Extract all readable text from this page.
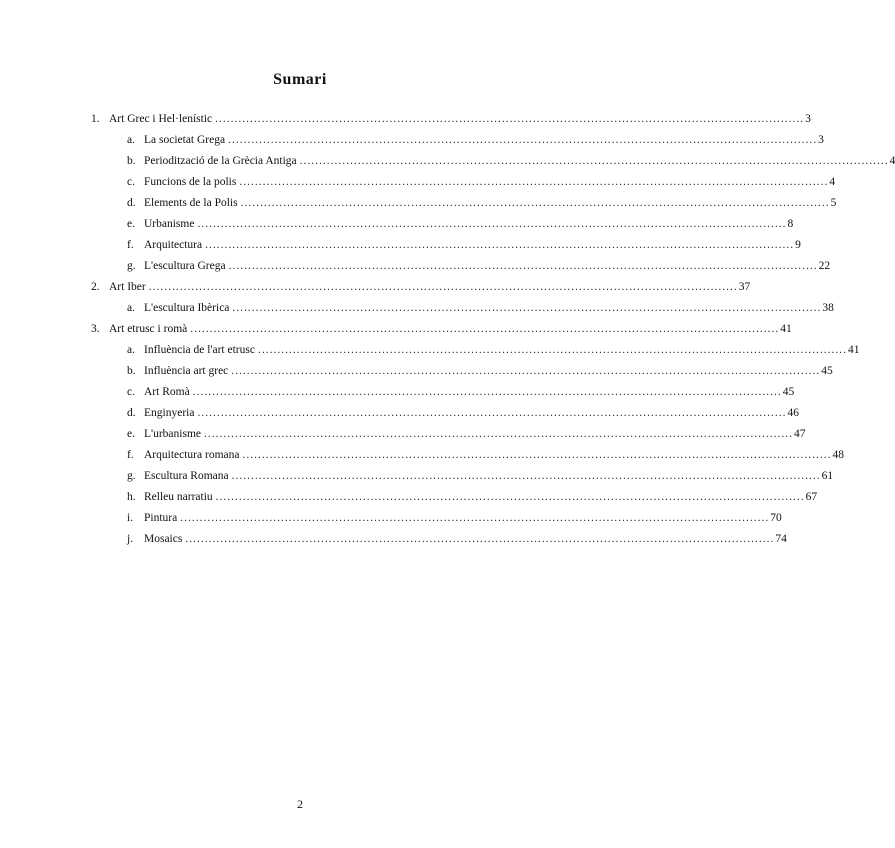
Sumari
1. Art Grec i Hel·lenístic ........................................................................................................................................................ 3
a. La societat Grega ........................................................................................................................................................ 3
b. Periodització de la Grècia Antiga ........................................................................................................................................................ 4
c. Funcions de la polis ........................................................................................................................................................ 4
d. Elements de la Polis ........................................................................................................................................................ 5
e. Urbanisme ........................................................................................................................................................ 8
f. Arquitectura ........................................................................................................................................................ 9
g. L'escultura Grega ........................................................................................................................................................ 22
2. Art Iber ........................................................................................................................................................ 37
a. L'escultura Ibèrica ........................................................................................................................................................ 38
3. Art etrusc i romà ........................................................................................................................................................ 41
a. Influència de l'art etrusc ........................................................................................................................................................ 41
b. Influència art grec ........................................................................................................................................................ 45
c. Art Romà ........................................................................................................................................................ 45
d. Enginyeria ........................................................................................................................................................ 46
e. L'urbanisme ........................................................................................................................................................ 47
f. Arquitectura romana ........................................................................................................................................................ 48
g. Escultura Romana ........................................................................................................................................................ 61
h. Relleu narratiu ........................................................................................................................................................ 67
i. Pintura ........................................................................................................................................................ 70
j. Mosaics ........................................................................................................................................................ 74
2
